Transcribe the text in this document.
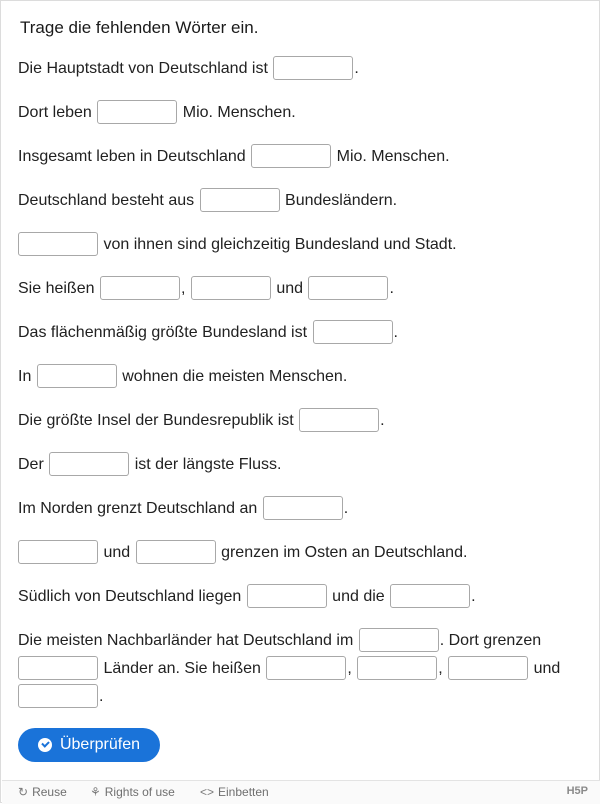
Trage die fehlenden Wörter ein.
Die Hauptstadt von Deutschland ist	.
Dort leben	Mio. Menschen.
Insgesamt leben in Deutschland	Mio. Menschen.
Deutschland besteht aus	Bundesländern.
von ihnen sind gleichzeitig Bundesland und Stadt.
Sie heißen	,	und	.
Das flächenmäßig größte Bundesland ist	.
In	wohnen die meisten Menschen.
Die größte Insel der Bundesrepublik ist	.
Der	ist der längste Fluss.
Im Norden grenzt Deutschland an	.
und	grenzen im Osten an Deutschland.
Südlich von Deutschland liegen	und die	.
Die meisten Nachbarländer hat Deutschland im	. Dort grenzen
Länder an. Sie heißen	,	,	und
.
Überprüfen
↻ Reuse ⚘ Rights of use <> Einbetten	H5P
